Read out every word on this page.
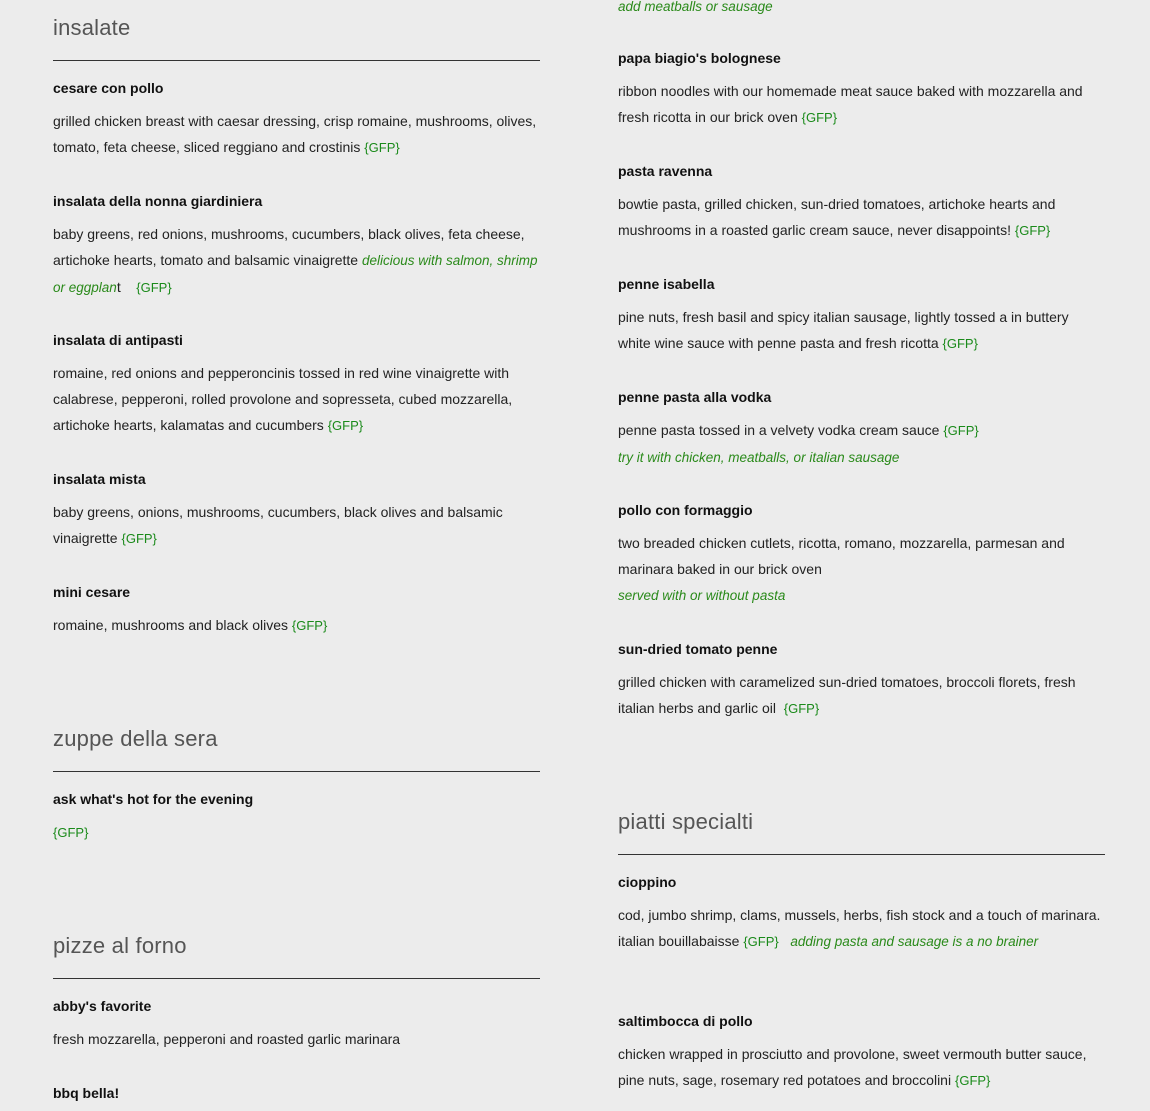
insalate
cesare con pollo
grilled chicken breast with caesar dressing, crisp romaine, mushrooms, olives, tomato, feta cheese, sliced reggiano and crostinis {GFP}
insalata della nonna giardiniera
baby greens, red onions, mushrooms, cucumbers, black olives, feta cheese, artichoke hearts, tomato and balsamic vinaigrette delicious with salmon, shrimp or eggplant {GFP}
insalata di antipasti
romaine, red onions and pepperoncinis tossed in red wine vinaigrette with calabrese, pepperoni, rolled provolone and sopresseta, cubed mozzarella, artichoke hearts, kalamatas and cucumbers {GFP}
insalata mista
baby greens, onions, mushrooms, cucumbers, black olives and balsamic vinaigrette {GFP}
mini cesare
romaine, mushrooms and black olives {GFP}
zuppe della sera
ask what's hot for the evening
{GFP}
pizze al forno
abby's favorite
fresh mozzarella, pepperoni and roasted garlic marinara
bbq bella!
add meatballs or sausage
papa biagio's bolognese
ribbon noodles with our homemade meat sauce baked with mozzarella and fresh ricotta in our brick oven {GFP}
pasta ravenna
bowtie pasta, grilled chicken, sun-dried tomatoes, artichoke hearts and mushrooms in a roasted garlic cream sauce, never disappoints! {GFP}
penne isabella
pine nuts, fresh basil and spicy italian sausage, lightly tossed a in buttery white wine sauce with penne pasta and fresh ricotta {GFP}
penne pasta alla vodka
penne pasta tossed in a velvety vodka cream sauce {GFP}
try it with chicken, meatballs, or italian sausage
pollo con formaggio
two breaded chicken cutlets, ricotta, romano, mozzarella, parmesan and marinara baked in our brick oven
served with or without pasta
sun-dried tomato penne
grilled chicken with caramelized sun-dried tomatoes, broccoli florets, fresh italian herbs and garlic oil {GFP}
piatti specialti
cioppino
cod, jumbo shrimp, clams, mussels, herbs, fish stock and a touch of marinara. italian bouillabaisse {GFP} adding pasta and sausage is a no brainer
saltimbocca di pollo
chicken wrapped in prosciutto and provolone, sweet vermouth butter sauce, pine nuts, sage, rosemary red potatoes and broccolini {GFP}
